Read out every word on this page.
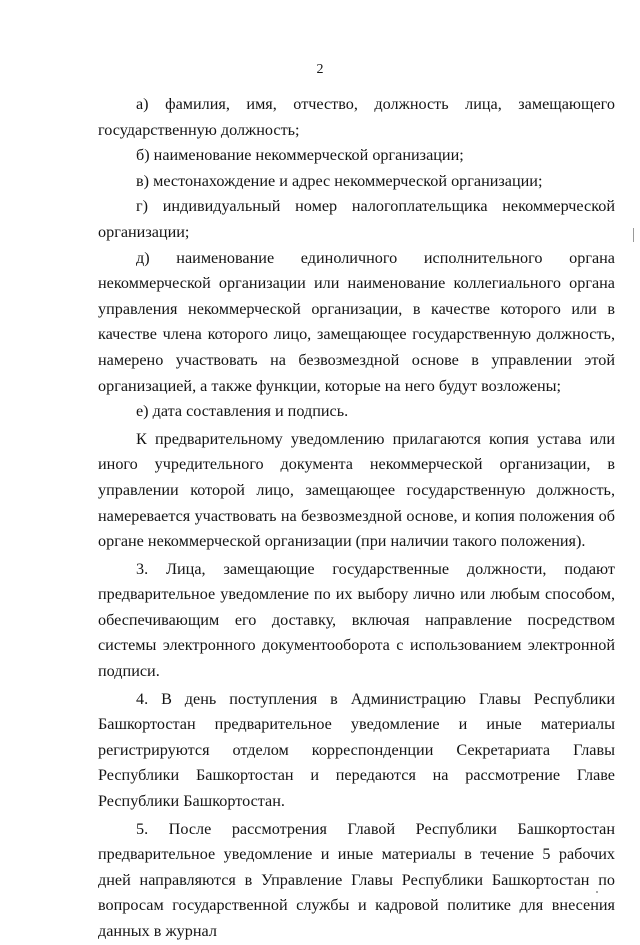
2

а) фамилия, имя, отчество, должность лица, замещающего государственную должность;

б) наименование некоммерческой организации;

в) местонахождение и адрес некоммерческой организации;

г) индивидуальный номер налогоплательщика некоммерческой организации;

д) наименование единоличного исполнительного органа некоммерческой организации или наименование коллегиального органа управления некоммерческой организации, в качестве которого или в качестве члена которого лицо, замещающее государственную должность, намерено участвовать на безвозмездной основе в управлении этой организацией, а также функции, которые на него будут возложены;

е) дата составления и подпись.

К предварительному уведомлению прилагаются копия устава или иного учредительного документа некоммерческой организации, в управлении которой лицо, замещающее государственную должность, намеревается участвовать на безвозмездной основе, и копия положения об органе некоммерческой организации (при наличии такого положения).

3. Лица, замещающие государственные должности, подают предварительное уведомление по их выбору лично или любым способом, обеспечивающим его доставку, включая направление посредством системы электронного документооборота с использованием электронной подписи.

4. В день поступления в Администрацию Главы Республики Башкортостан предварительное уведомление и иные материалы регистрируются отделом корреспонденции Секретариата Главы Республики Башкортостан и передаются на рассмотрение Главе Республики Башкортостан.

5. После рассмотрения Главой Республики Башкортостан предварительное уведомление и иные материалы в течение 5 рабочих дней направляются в Управление Главы Республики Башкортостан по вопросам государственной службы и кадровой политике для внесения данных в журнал
